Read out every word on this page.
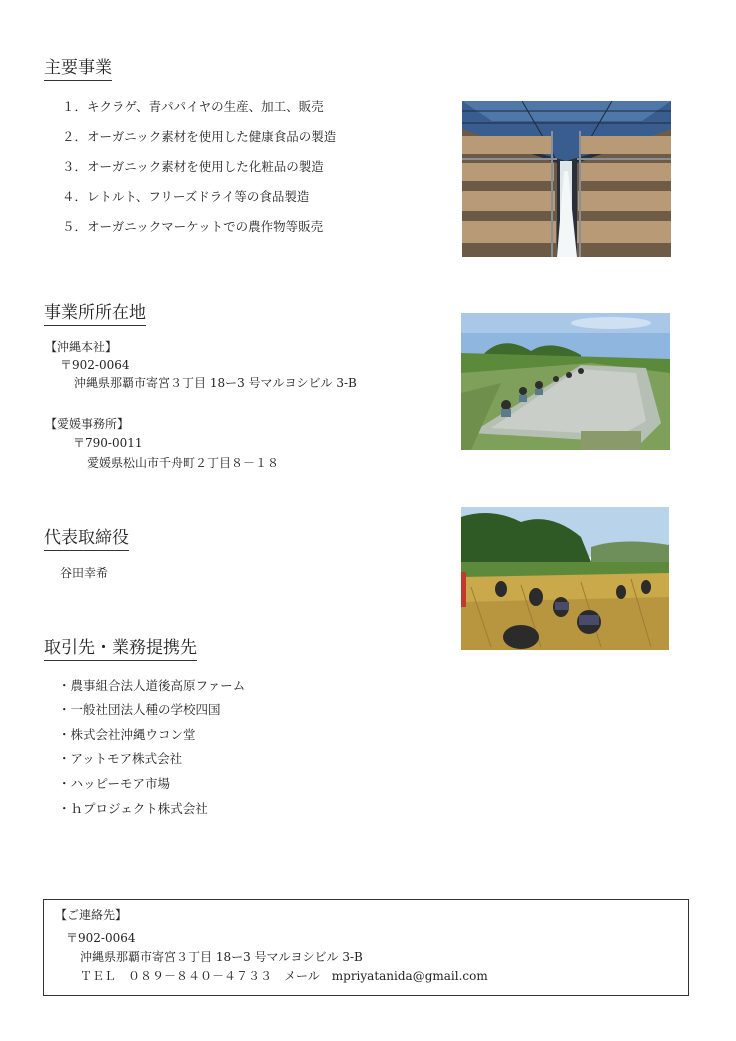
主要事業
１．キクラゲ、青パパイヤの生産、加工、販売
２．オーガニック素材を使用した健康食品の製造
３．オーガニック素材を使用した化粧品の製造
４．レトルト、フリーズドライ等の食品製造
５．オーガニックマーケットでの農作物等販売
事業所所在地
【沖縄本社】
〒902-0064
沖縄県那覇市寄宮３丁目 18ー3 号マルヨシビル 3-B
【愛媛事務所】
〒790-0011
愛媛県松山市千舟町２丁目８－１８
代表取締役
谷田幸希
取引先・業務提携先
・農事組合法人道後高原ファーム
・一般社団法人種の学校四国
・株式会社沖縄ウコン堂
・アットモア株式会社
・ハッピーモア市場
・ｈプロジェクト株式会社
【ご連絡先】
〒902-0064
沖縄県那覇市寄宮３丁目 18ー3 号マルヨシビル 3-B
ＴＥＬ　０８９－８４０－４７３３　メール　mpriyatanida@gmail.com
